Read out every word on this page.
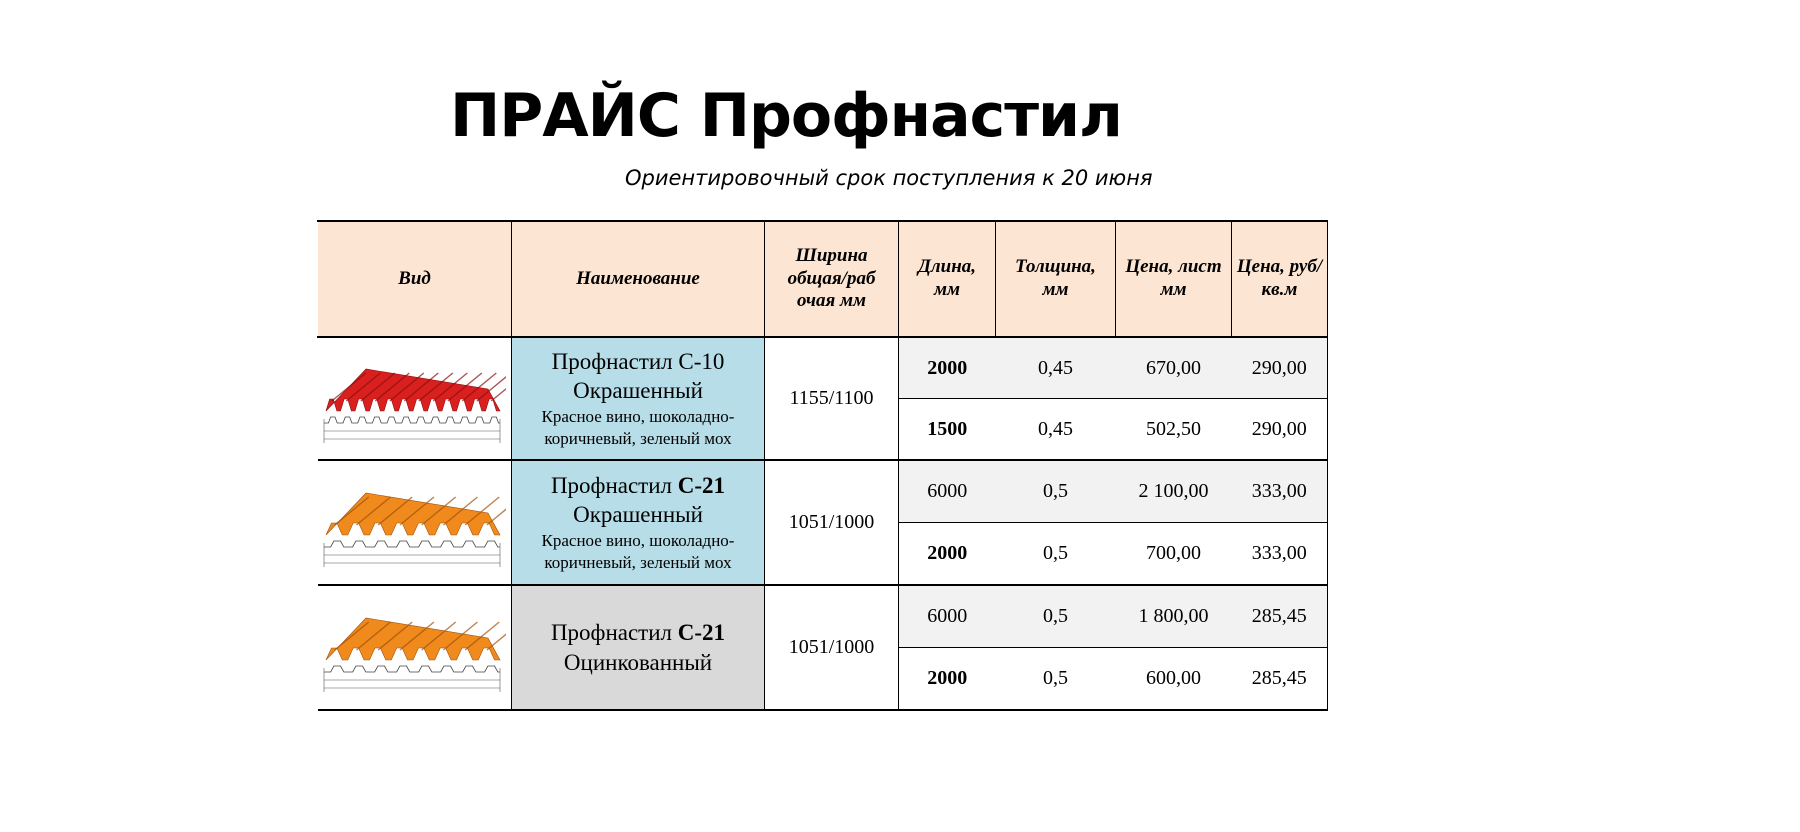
ПРАЙС Профнастил
Ориентировочный срок поступления к 20 июня
Вид	Наименование	Ширина общая/раб очая мм	Длина, мм	Толщина, мм	Цена, лист мм	Цена, руб/кв.м

Профнастил С-10
Окрашенный
Красное вино, шоколадно-коричневый, зеленый мох	1155/1100	2000	0,45	670,00	290,00
			1500	0,45	502,50	290,00

Профнастил С-21
Окрашенный
Красное вино, шоколадно-коричневый, зеленый мох	1051/1000	6000	0,5	2 100,00	333,00
			2000	0,5	700,00	333,00

Профнастил С-21
Оцинкованный	1051/1000	6000	0,5	1 800,00	285,45
			2000	0,5	600,00	285,45
